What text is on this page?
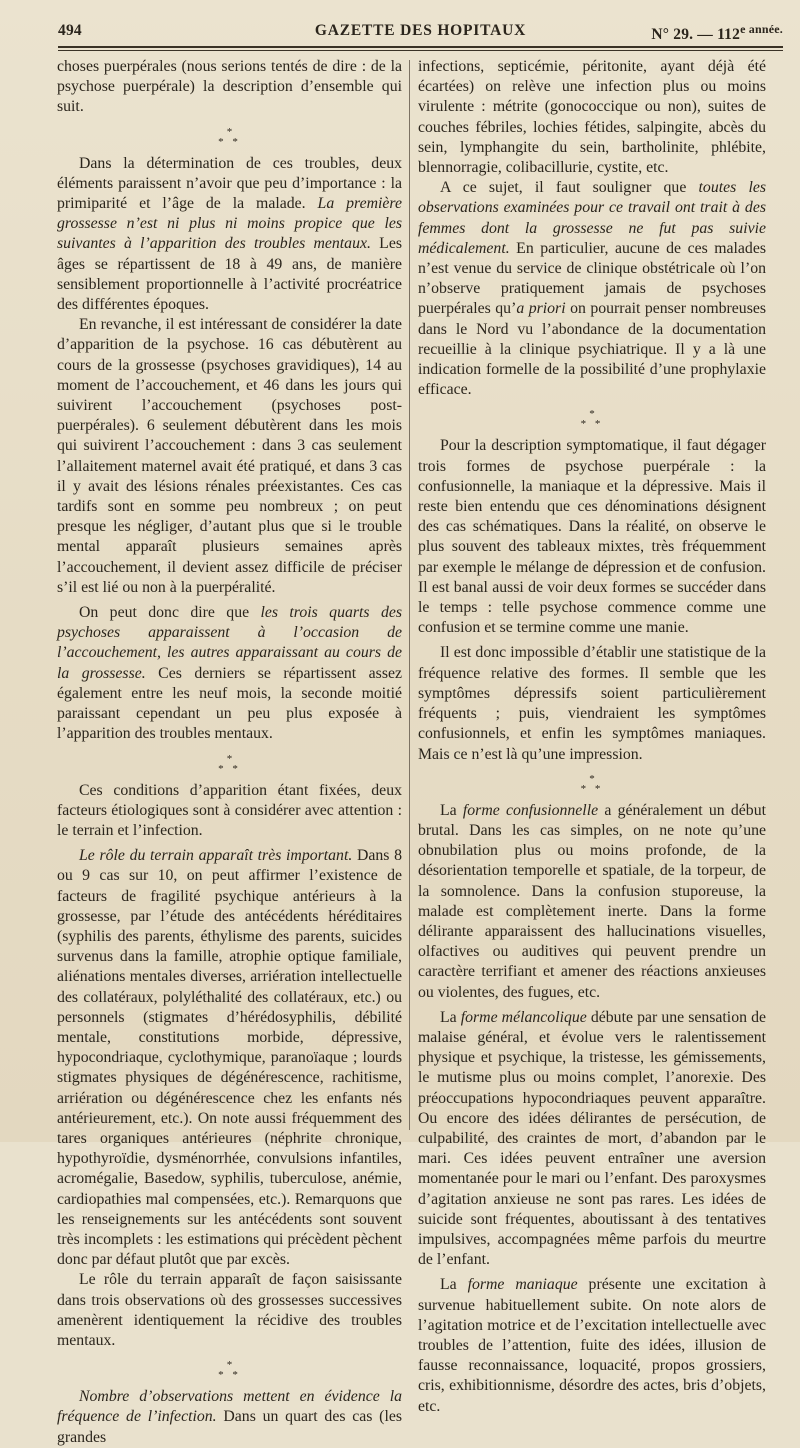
494	GAZETTE DES HOPITAUX	N° 29. — $112^{e année.}$

choses puerpérales (nous serions tentés de dire : de la psychose puerpérale) la description d’ensemble qui suit.

*
* *

Dans la détermination de ces troubles, deux éléments paraissent n’avoir que peu d’importance : la primiparité et l’âge de la malade. La première grossesse n’est ni plus ni moins propice que les suivantes à l’apparition des troubles mentaux. Les âges se répartissent de 18 à 49 ans, de manière sensiblement proportionnelle à l’activité procréatrice des différentes époques.

En revanche, il est intéressant de considérer la date d’apparition de la psychose. 16 cas débutèrent au cours de la grossesse (psychoses gravidiques), 14 au moment de l’accouchement, et 46 dans les jours qui suivirent l’accouchement (psychoses post-puerpérales). 6 seulement débutèrent dans les mois qui suivirent l’accouchement : dans 3 cas seulement l’allaitement maternel avait été pratiqué, et dans 3 cas il y avait des lésions rénales préexistantes. Ces cas tardifs sont en somme peu nombreux ; on peut presque les négliger, d’autant plus que si le trouble mental apparaît plusieurs semaines après l’accouchement, il devient assez difficile de préciser s’il est lié ou non à la puerpéralité.

On peut donc dire que les trois quarts des psychoses apparaissent à l’occasion de l’accouchement, les autres apparaissant au cours de la grossesse. Ces derniers se répartissent assez également entre les neuf mois, la seconde moitié paraissant cependant un peu plus exposée à l’apparition des troubles mentaux.

*
* *

Ces conditions d’apparition étant fixées, deux facteurs étiologiques sont à considérer avec attention : le terrain et l’infection.

Le rôle du terrain apparaît très important. Dans 8 ou 9 cas sur 10, on peut affirmer l’existence de facteurs de fragilité psychique antérieurs à la grossesse, par l’étude des antécédents héréditaires (syphilis des parents, éthylisme des parents, suicides survenus dans la famille, atrophie optique familiale, aliénations mentales diverses, arriération intellectuelle des collatéraux, polyléthalité des collatéraux, etc.) ou personnels (stigmates d’hérédosyphilis, débilité mentale, constitutions morbide, dépressive, hypocondriaque, cyclothymique, paranoïaque ; lourds stigmates physiques de dégénérescence, rachitisme, arriération ou dégénérescence chez les enfants nés antérieurement, etc.). On note aussi fréquemment des tares organiques antérieures (néphrite chronique, hypothyroïdie, dysménorrhée, convulsions infantiles, acromégalie, Basedow, syphilis, tuberculose, anémie, cardiopathies mal compensées, etc.). Remarquons que les renseignements sur les antécédents sont souvent très incomplets : les estimations qui précèdent pèchent donc par défaut plutôt que par excès.

Le rôle du terrain apparaît de façon saisissante dans trois observations où des grossesses successives amenèrent identiquement la récidive des troubles mentaux.

*
* *

Nombre d’observations mettent en évidence la fréquence de l’infection. Dans un quart des cas (les grandes

infections, septicémie, péritonite, ayant déjà été écartées) on relève une infection plus ou moins virulente : métrite (gonococcique ou non), suites de couches fébriles, lochies fétides, salpingite, abcès du sein, lymphangite du sein, bartholinite, phlébite, blennorragie, colibacillurie, cystite, etc.

A ce sujet, il faut souligner que toutes les observations examinées pour ce travail ont trait à des femmes dont la grossesse ne fut pas suivie médicalement. En particulier, aucune de ces malades n’est venue du service de clinique obstétricale où l’on n’observe pratiquement jamais de psychoses puerpérales qu’a priori on pourrait penser nombreuses dans le Nord vu l’abondance de la documentation recueillie à la clinique psychiatrique. Il y a là une indication formelle de la possibilité d’une prophylaxie efficace.

*
* *

Pour la description symptomatique, il faut dégager trois formes de psychose puerpérale : la confusionnelle, la maniaque et la dépressive. Mais il reste bien entendu que ces dénominations désignent des cas schématiques. Dans la réalité, on observe le plus souvent des tableaux mixtes, très fréquemment par exemple le mélange de dépression et de confusion. Il est banal aussi de voir deux formes se succéder dans le temps : telle psychose commence comme une confusion et se termine comme une manie.

Il est donc impossible d’établir une statistique de la fréquence relative des formes. Il semble que les symptômes dépressifs soient particulièrement fréquents ; puis, viendraient les symptômes confusionnels, et enfin les symptômes maniaques. Mais ce n’est là qu’une impression.

*
* *

La forme confusionnelle a généralement un début brutal. Dans les cas simples, on ne note qu’une obnubilation plus ou moins profonde, de la désorientation temporelle et spatiale, de la torpeur, de la somnolence. Dans la confusion stuporeuse, la malade est complètement inerte. Dans la forme délirante apparaissent des hallucinations visuelles, olfactives ou auditives qui peuvent prendre un caractère terrifiant et amener des réactions anxieuses ou violentes, des fugues, etc.

La forme mélancolique débute par une sensation de malaise général, et évolue vers le ralentissement physique et psychique, la tristesse, les gémissements, le mutisme plus ou moins complet, l’anorexie. Des préoccupations hypocondriaques peuvent apparaître. Ou encore des idées délirantes de persécution, de culpabilité, des craintes de mort, d’abandon par le mari. Ces idées peuvent entraîner une aversion momentanée pour le mari ou l’enfant. Des paroxysmes d’agitation anxieuse ne sont pas rares. Les idées de suicide sont fréquentes, aboutissant à des tentatives impulsives, accompagnées même parfois du meurtre de l’enfant.

La forme maniaque présente une excitation à survenue habituellement subite. On note alors de l’agitation motrice et de l’excitation intellectuelle avec troubles de l’attention, fuite des idées, illusion de fausse reconnaissance, loquacité, propos grossiers, cris, exhibitionnisme, désordre des actes, bris d’objets, etc.
